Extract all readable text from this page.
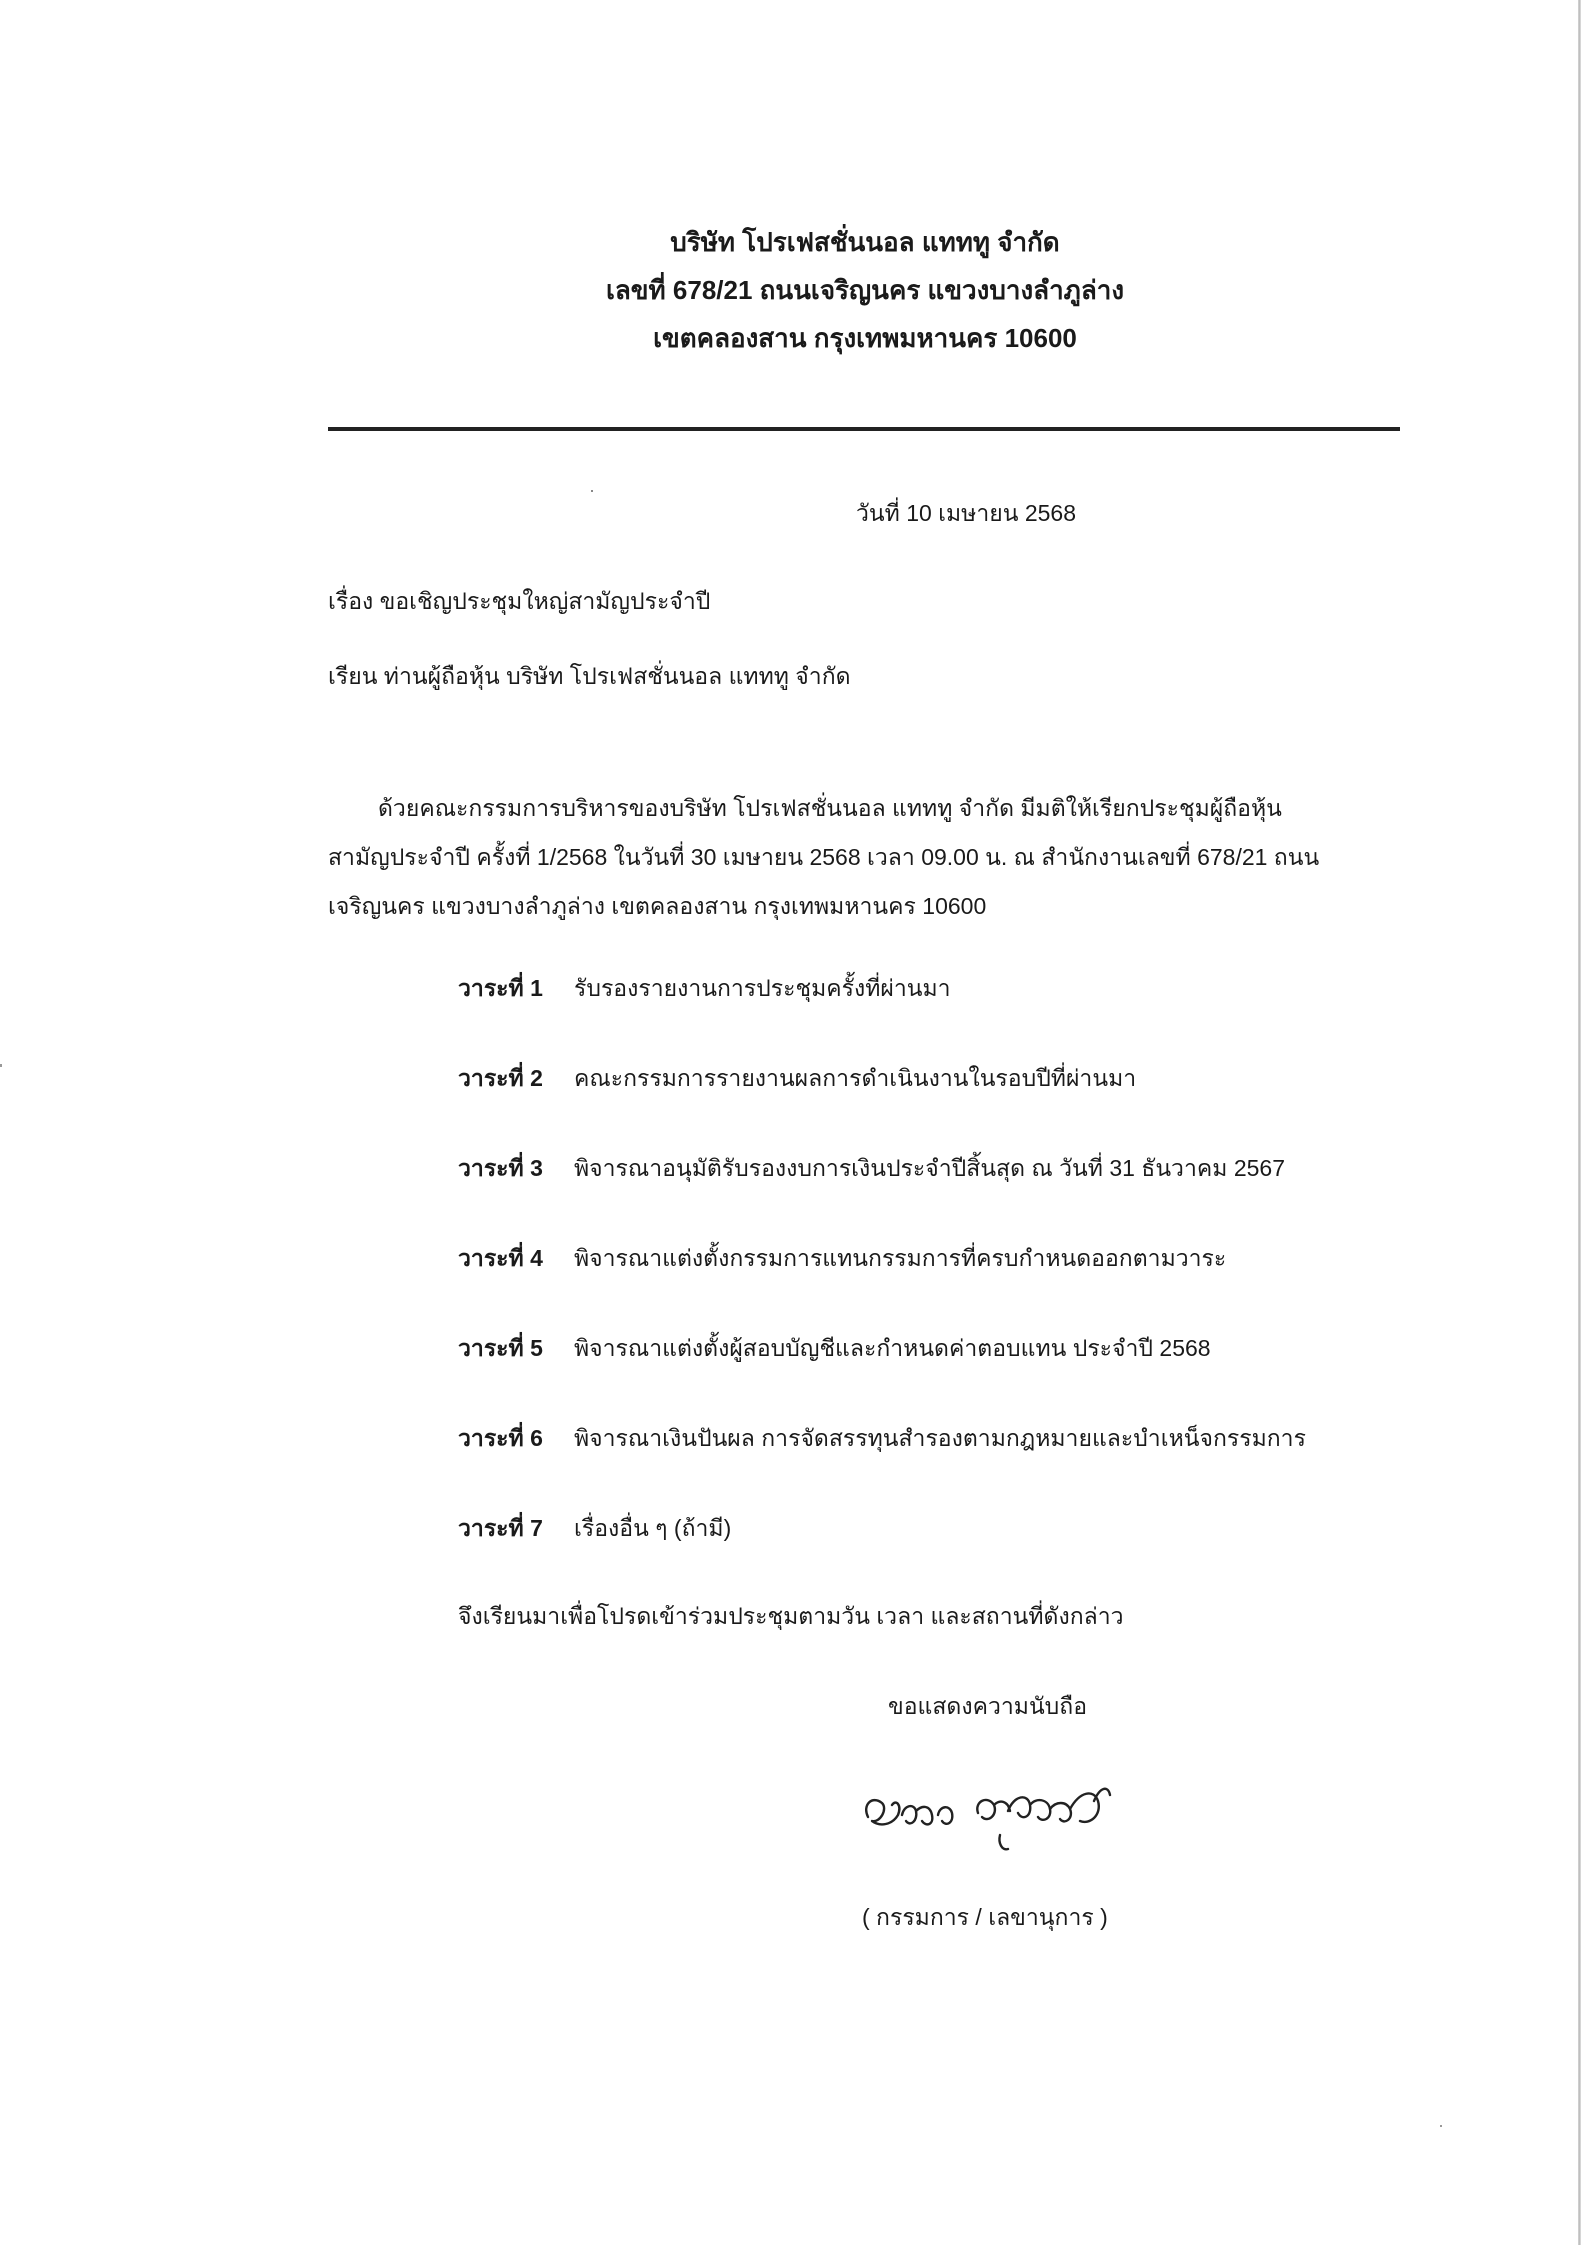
บริษัท โปรเฟสชั่นนอล แทททู จำกัด
เลขที่ 678/21 ถนนเจริญนคร แขวงบางลำภูล่าง
เขตคลองสาน กรุงเทพมหานคร 10600
วันที่ 10 เมษายน 2568
เรื่อง ขอเชิญประชุมใหญ่สามัญประจำปี
เรียน ท่านผู้ถือหุ้น บริษัท โปรเฟสชั่นนอล แทททู จำกัด
ด้วยคณะกรรมการบริหารของบริษัท โปรเฟสชั่นนอล แทททู จำกัด มีมติให้เรียกประชุมผู้ถือหุ้น
สามัญประจำปี ครั้งที่ 1/2568 ในวันที่ 30 เมษายน 2568 เวลา 09.00 น. ณ สำนักงานเลขที่ 678/21 ถนน
เจริญนคร แขวงบางลำภูล่าง เขตคลองสาน กรุงเทพมหานคร 10600
วาระที่ 1 รับรองรายงานการประชุมครั้งที่ผ่านมา
วาระที่ 2 คณะกรรมการรายงานผลการดำเนินงานในรอบปีที่ผ่านมา
วาระที่ 3 พิจารณาอนุมัติรับรองงบการเงินประจำปีสิ้นสุด ณ วันที่ 31 ธันวาคม 2567
วาระที่ 4 พิจารณาแต่งตั้งกรรมการแทนกรรมการที่ครบกำหนดออกตามวาระ
วาระที่ 5 พิจารณาแต่งตั้งผู้สอบบัญชีและกำหนดค่าตอบแทน ประจำปี 2568
วาระที่ 6 พิจารณาเงินปันผล การจัดสรรทุนสำรองตามกฎหมายและบำเหน็จกรรมการ
วาระที่ 7 เรื่องอื่น ๆ (ถ้ามี)
จึงเรียนมาเพื่อโปรดเข้าร่วมประชุมตามวัน เวลา และสถานที่ดังกล่าว
ขอแสดงความนับถือ
( กรรมการ / เลขานุการ )
